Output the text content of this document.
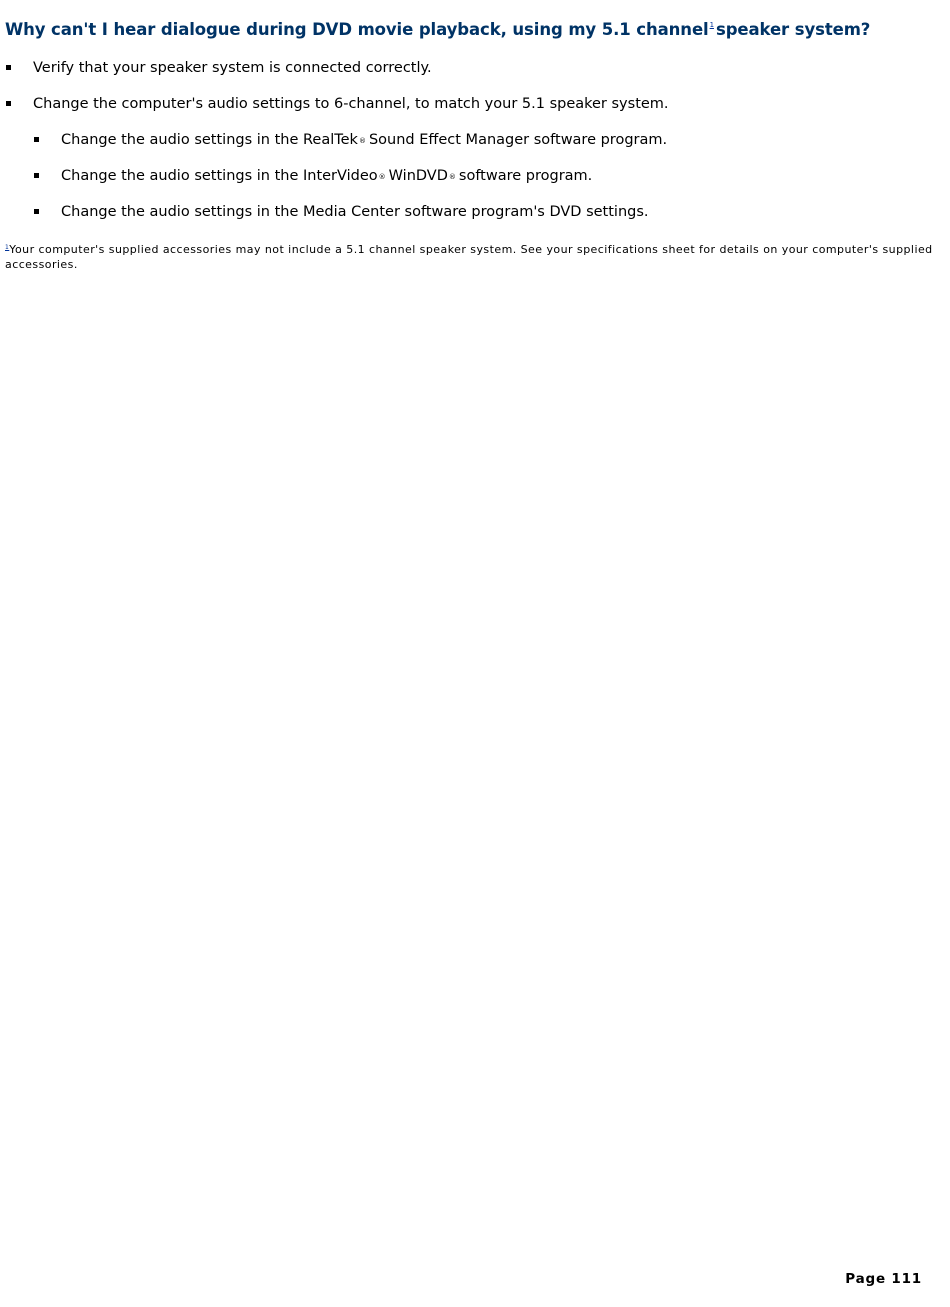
Why can't I hear dialogue during DVD movie playback, using my 5.1 channel$^1$ speaker system?
Verify that your speaker system is connected correctly.
Change the computer's audio settings to 6-channel, to match your 5.1 speaker system.
Change the audio settings in the RealTek® Sound Effect Manager software program.
Change the audio settings in the InterVideo® WinDVD® software program.
Change the audio settings in the Media Center software program's DVD settings.
$^1$Your computer's supplied accessories may not include a 5.1 channel speaker system. See your specifications sheet for details on your computer's supplied accessories.
Page 111
